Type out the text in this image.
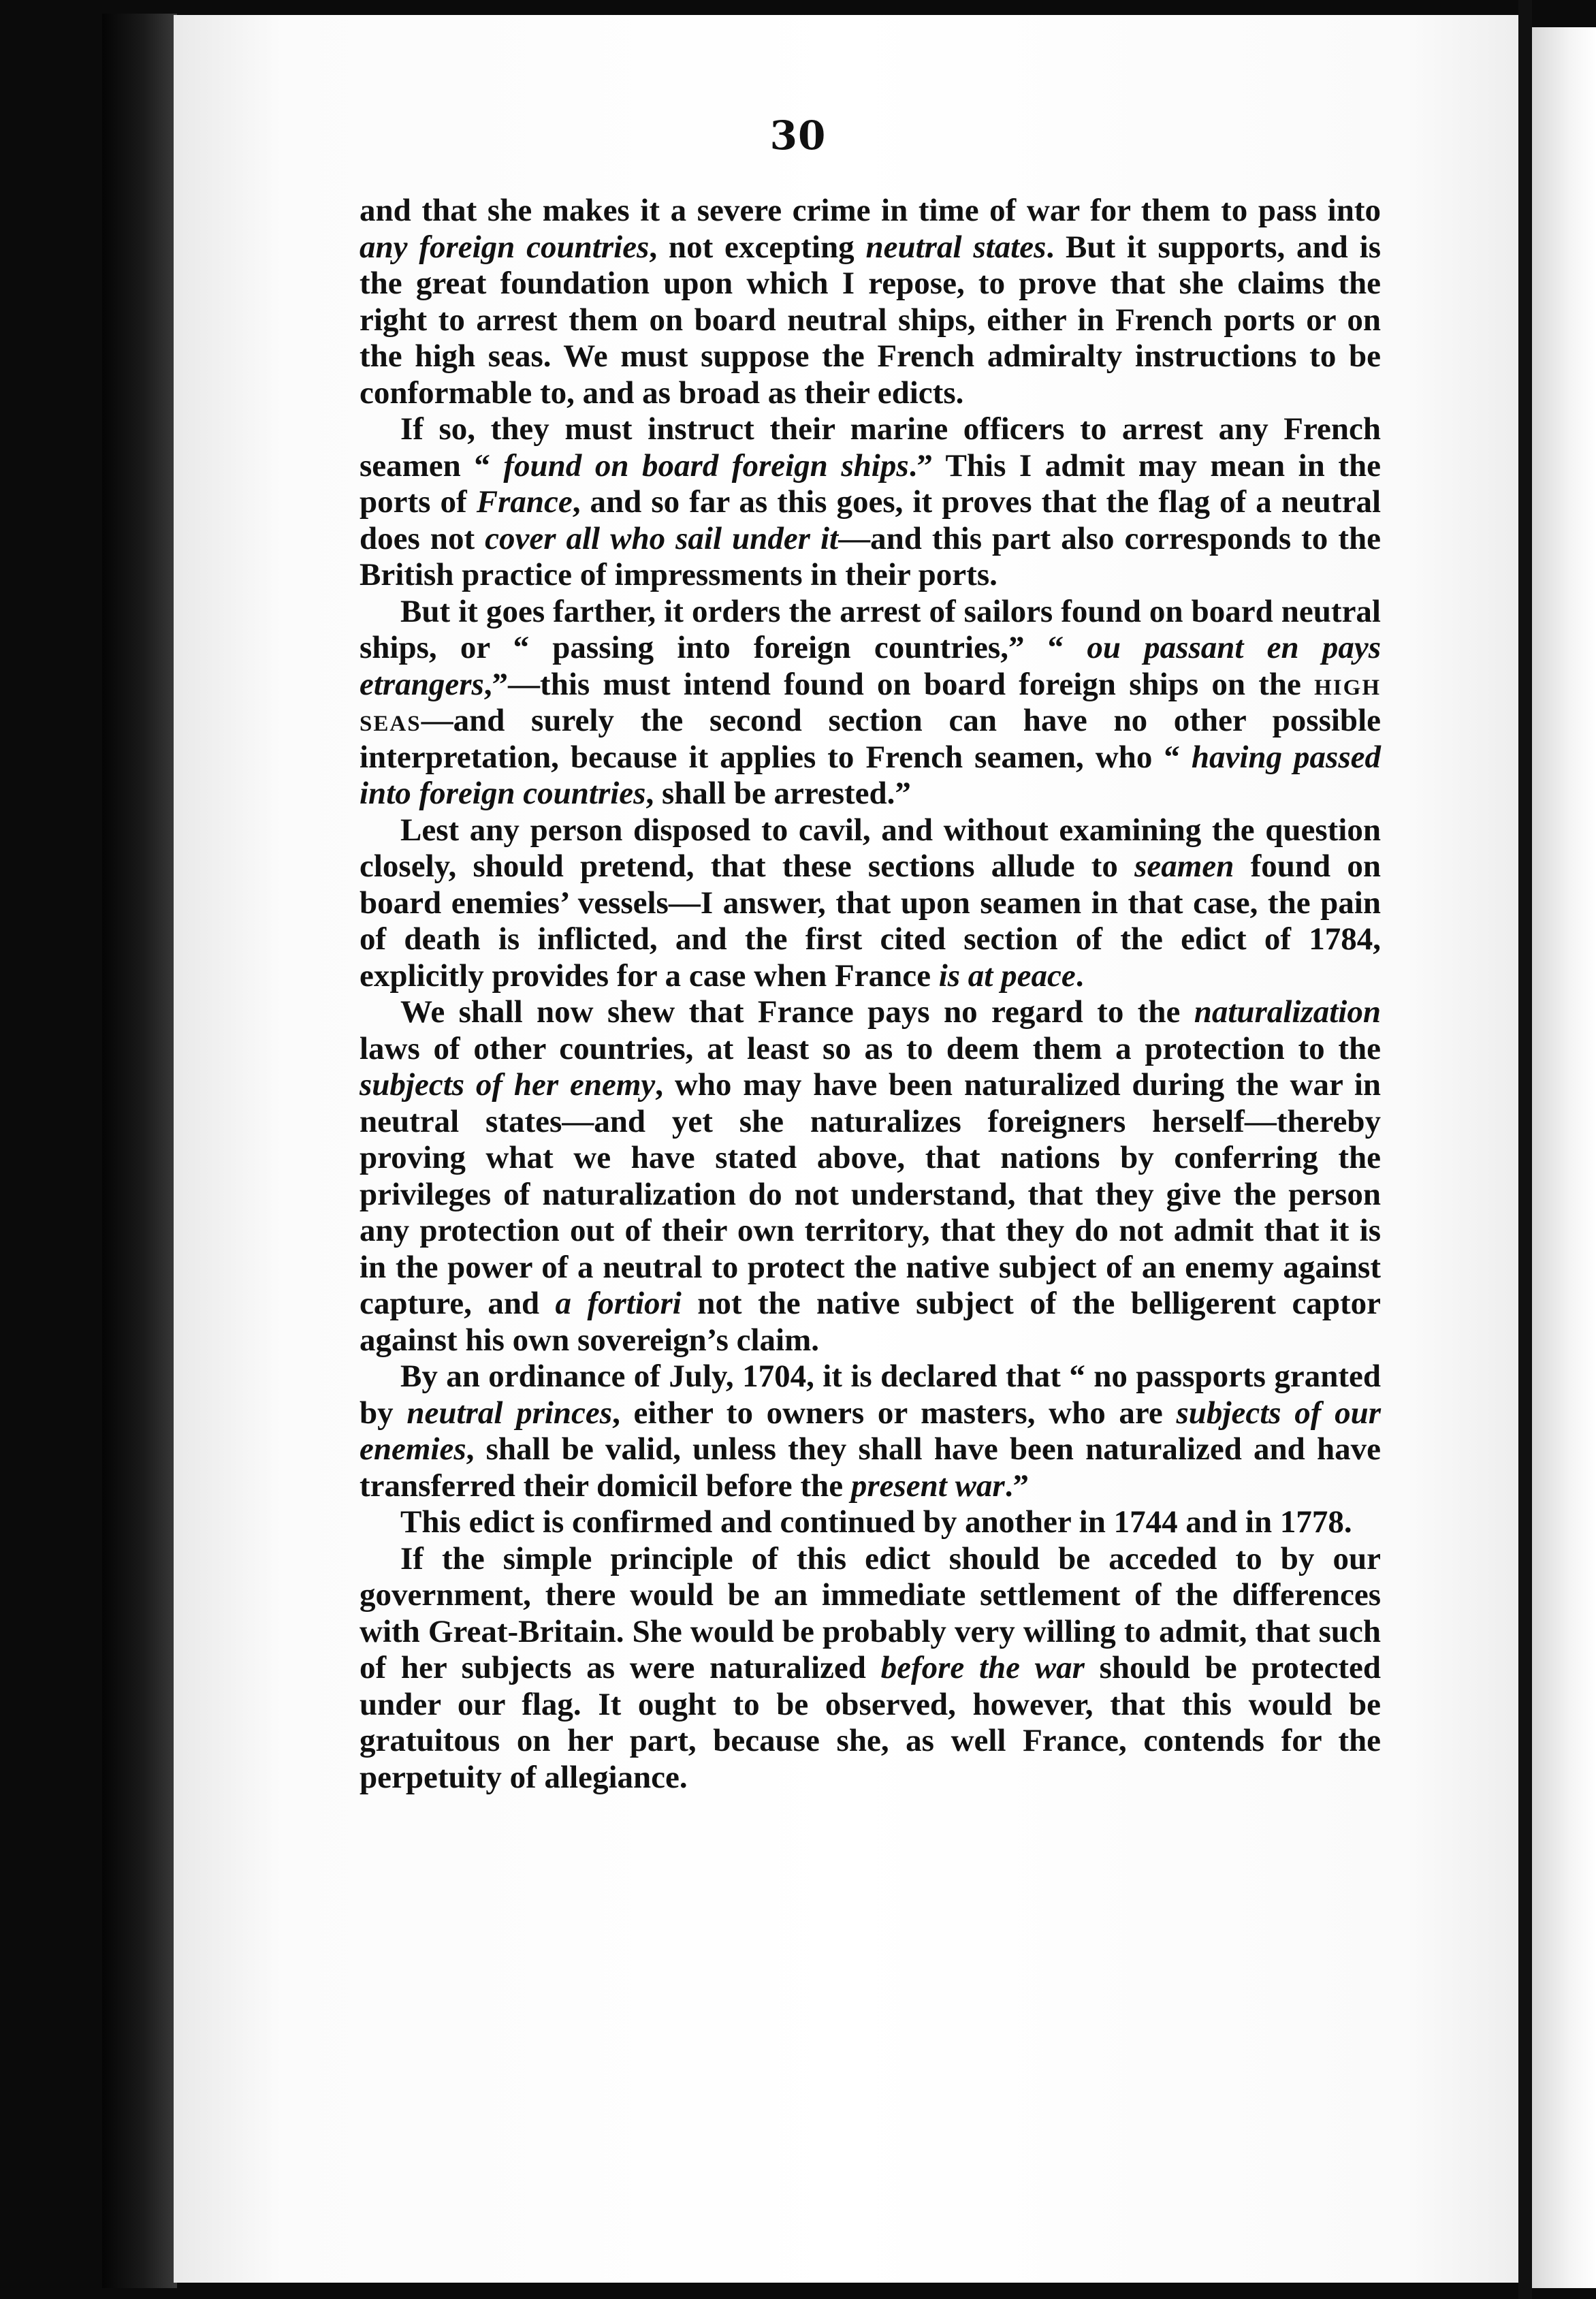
30

and that she makes it a severe crime in time of war for them to pass into any foreign countries, not excepting neutral states. But it supports, and is the great foundation upon which I repose, to prove that she claims the right to arrest them on board neutral ships, either in French ports or on the high seas. We must suppose the French admiralty instructions to be conformable to, and as broad as their edicts.

If so, they must instruct their marine officers to arrest any French seamen “ found on board foreign ships.” This I admit may mean in the ports of France, and so far as this goes, it proves that the flag of a neutral does not cover all who sail under it—and this part also corresponds to the British practice of impressments in their ports.

But it goes farther, it orders the arrest of sailors found on board neutral ships, or “ passing into foreign countries,” “ ou passant en pays etrangers,”—this must intend found on board foreign ships on the high seas—and surely the second section can have no other possible interpretation, because it applies to French seamen, who “ having passed into foreign countries, shall be arrested.”

Lest any person disposed to cavil, and without examining the question closely, should pretend, that these sections allude to seamen found on board enemies’ vessels—I answer, that upon seamen in that case, the pain of death is inflicted, and the first cited section of the edict of 1784, explicitly provides for a case when France is at peace.

We shall now shew that France pays no regard to the naturalization laws of other countries, at least so as to deem them a protection to the subjects of her enemy, who may have been naturalized during the war in neutral states—and yet she naturalizes foreigners herself—thereby proving what we have stated above, that nations by conferring the privileges of naturalization do not understand, that they give the person any protection out of their own territory, that they do not admit that it is in the power of a neutral to protect the native subject of an enemy against capture, and a fortiori not the native subject of the belligerent captor against his own sovereign’s claim.

By an ordinance of July, 1704, it is declared that “ no passports granted by neutral princes, either to owners or masters, who are subjects of our enemies, shall be valid, unless they shall have been naturalized and have transferred their domicil before the present war.”

This edict is confirmed and continued by another in 1744 and in 1778.

If the simple principle of this edict should be acceded to by our government, there would be an immediate settlement of the differences with Great-Britain. She would be probably very willing to admit, that such of her subjects as were naturalized before the war should be protected under our flag. It ought to be observed, however, that this would be gratuitous on her part, because she, as well France, contends for the perpetuity of allegiance.
